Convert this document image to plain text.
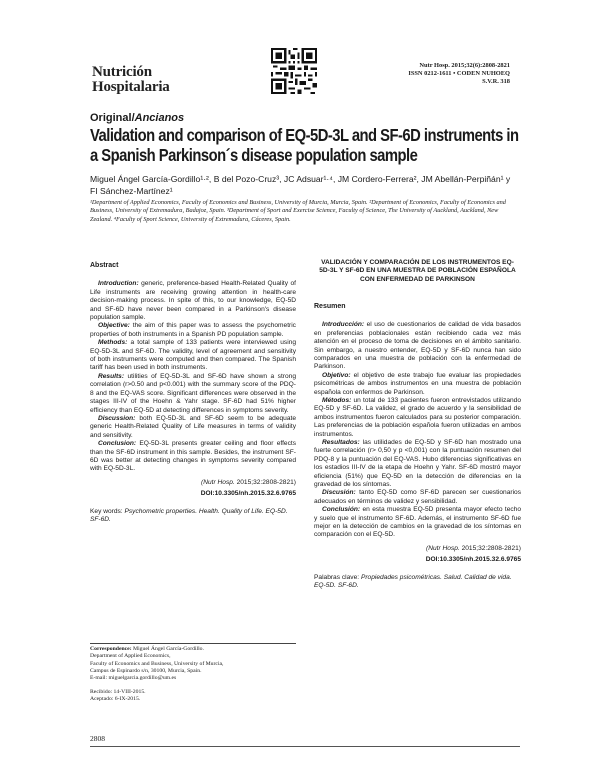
Nutrición
Hospitalaria
Nutr Hosp. 2015;32(6):2808-2821
ISSN 0212-1611 • CODEN NUHOEQ
S.V.R. 318
Original/Ancianos
Validation and comparison of EQ-5D-3L and SF-6D instruments in a Spanish Parkinson´s disease population sample
Miguel Ángel García-Gordillo¹·², B del Pozo-Cruz³, JC Adsuar¹·⁴, JM Cordero-Ferrera², JM Abellán-Perpiñán¹ y FI Sánchez-Martínez¹
¹Department of Applied Economics, Faculty of Economics and Business, University of Murcia, Murcia, Spain. ²Department of Economics, Faculty of Economics and Business, University of Extremadura, Badajoz, Spain. ³Department of Sport and Exercise Science, Faculty of Science, The University of Auckland, Auckland, New Zealand. ⁴Faculty of Sport Science, University of Extremadura, Cáceres, Spain.
Abstract

Introduction: generic, preference-based Health-Related Quality of Life instruments are receiving growing attention in health-care decision-making process. In spite of this, to our knowledge, EQ-5D and SF-6D have never been compared in a Parkinson's disease population sample.

Objective: the aim of this paper was to assess the psychometric properties of both instruments in a Spanish PD population sample.

Methods: a total sample of 133 patients were interviewed using EQ-5D-3L and SF-6D. The validity, level of agreement and sensitivity of both instruments were computed and then compared. The Spanish tariff has been used in both instruments.

Results: utilities of EQ-5D-3L and SF-6D have shown a strong correlation (r>0.50 and p<0.001) with the summary score of the PDQ-8 and the EQ-VAS score. Significant differences were observed in the stages III-IV of the Hoehn & Yahr stage. SF-6D had 51% higher efficiency than EQ-5D at detecting differences in symptoms severity.

Discussion: both EQ-5D-3L and SF-6D seem to be adequate generic Health-Related Quality of Life measures in terms of validity and sensitivity.

Conclusion: EQ-5D-3L presents greater ceiling and floor effects than the SF-6D instrument in this sample. Besides, the instrument SF-6D was better at detecting changes in symptoms severity compared with EQ-5D-3L.

(Nutr Hosp. 2015;32:2808-2821)
DOI:10.3305/nh.2015.32.6.9765
Key words: Psychometric properties. Health. Quality of Life. EQ-5D. SF-6D.
VALIDACIÓN Y COMPARACIÓN DE LOS INSTRUMENTOS EQ-5D-3L Y SF-6D EN UNA MUESTRA DE POBLACIÓN ESPAÑOLA CON ENFERMEDAD DE PARKINSON
Resumen

Introducción: el uso de cuestionarios de calidad de vida basados en preferencias poblacionales están recibiendo cada vez más atención en el proceso de toma de decisiones en el ámbito sanitario. Sin embargo, a nuestro entender, EQ-5D y SF-6D nunca han sido comparados en una muestra de población con la enfermedad de Parkinson.

Objetivo: el objetivo de este trabajo fue evaluar las propiedades psicométricas de ambos instrumentos en una muestra de población española con enfermos de Parkinson.

Métodos: un total de 133 pacientes fueron entrevistados utilizando EQ-5D y SF-6D. La validez, el grado de acuerdo y la sensibilidad de ambos instrumentos fueron calculados para su posterior comparación. Las preferencias de la población española fueron utilizadas en ambos instrumentos.

Resultados: las utilidades de EQ-5D y SF-6D han mostrado una fuerte correlación (r> 0,50 y p <0,001) con la puntuación resumen del PDQ-8 y la puntuación del EQ-VAS. Hubo diferencias significativas en los estadios III-IV de la etapa de Hoehn y Yahr. SF-6D mostró mayor eficiencia (51%) que EQ-5D en la detección de diferencias en la gravedad de los síntomas.

Discusión: tanto EQ-5D como SF-6D parecen ser cuestionarios adecuados en términos de validez y sensibilidad.

Conclusión: en esta muestra EQ-5D presenta mayor efecto techo y suelo que el instrumento SF-6D. Además, el instrumento SF-6D fue mejor en la detección de cambios en la gravedad de los síntomas en comparación con el EQ-5D.

(Nutr Hosp. 2015;32:2808-2821)
DOI:10.3305/nh.2015.32.6.9765
Palabras clave: Propiedades psicométricas. Salud. Calidad de vida. EQ-5D. SF-6D.
Correspondence: Miguel Ángel García-Gordillo.
Department of Applied Economics,
Faculty of Economics and Business, University of Murcia,
Campus de Espinardo s/n, 30100, Murcia, Spain.
E-mail: miguelgarcia.gordillo@um.es
Recibido: 14-VIII-2015.
Aceptado: 6-IX-2015.
2808
